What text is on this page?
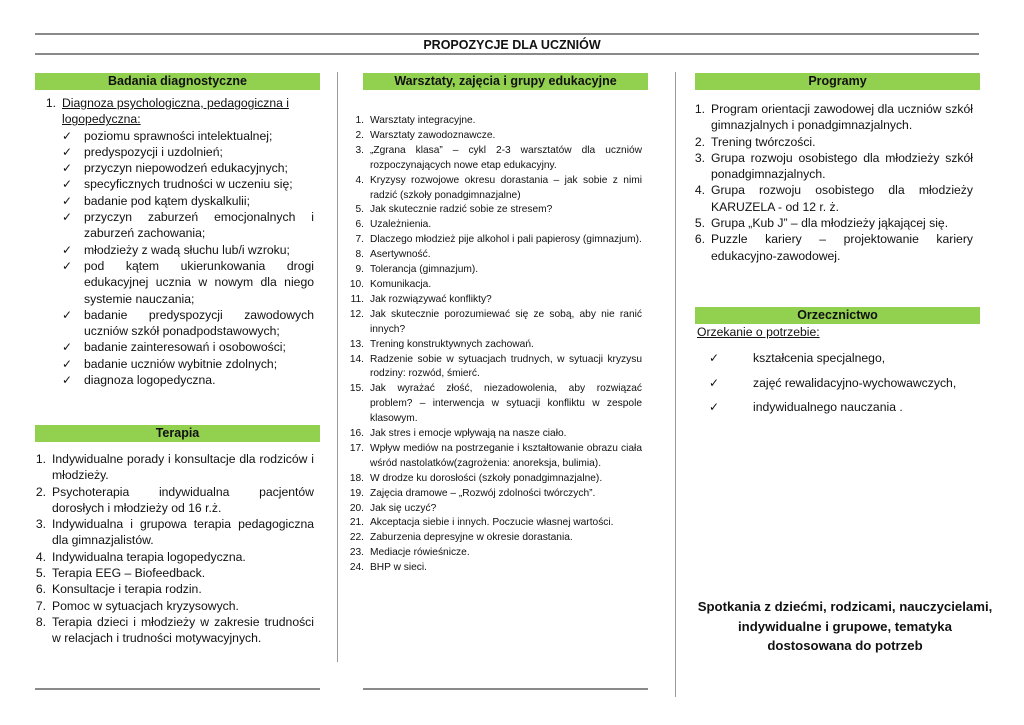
PROPOZYCJE DLA UCZNIÓW
Badania diagnostyczne
1. Diagnoza psychologiczna, pedagogiczna i logopedyczna:
✓ poziomu sprawności intelektualnej;
✓ predyspozycji i uzdolnień;
✓ przyczyn niepowodzeń edukacyjnych;
✓ specyficznych trudności w uczeniu się;
✓ badanie pod kątem dyskalkulii;
✓ przyczyn zaburzeń emocjonalnych i zaburzeń zachowania;
✓ młodzieży z wadą słuchu lub/i wzroku;
✓ pod kątem ukierunkowania drogi edukacyjnej ucznia w nowym dla niego systemie nauczania;
✓ badanie predyspozycji zawodowych uczniów szkół ponadpodstawowych;
✓ badanie zainteresowań i osobowości;
✓ badanie uczniów wybitnie zdolnych;
✓ diagnoza logopedyczna.
Terapia
1. Indywidualne porady i konsultacje dla rodziców i młodzieży.
2. Psychoterapia indywidualna pacjentów dorosłych i młodzieży od 16 r.ż.
3. Indywidualna i grupowa terapia pedagogiczna dla gimnazjalistów.
4. Indywidualna terapia logopedyczna.
5. Terapia EEG – Biofeedback.
6. Konsultacje i terapia rodzin.
7. Pomoc w sytuacjach kryzysowych.
8. Terapia dzieci i młodzieży w zakresie trudności w relacjach i trudności motywacyjnych.
Warsztaty, zajęcia i grupy edukacyjne
1. Warsztaty integracyjne.
2. Warsztaty zawodoznawcze.
3. „Zgrana klasa” – cykl 2-3 warsztatów dla uczniów rozpoczynających nowe etap edukacyjny.
4. Kryzysy rozwojowe okresu dorastania – jak sobie z nimi radzić (szkoły ponadgimnazjalne)
5. Jak skutecznie radzić sobie ze stresem?
6. Uzależnienia.
7. Dlaczego młodzież pije alkohol i pali papierosy (gimnazjum).
8. Asertywność.
9. Tolerancja (gimnazjum).
10. Komunikacja.
11. Jak rozwiązywać konflikty?
12. Jak skutecznie porozumiewać się ze sobą, aby nie ranić innych?
13. Trening konstruktywnych zachowań.
14. Radzenie sobie w sytuacjach trudnych, w sytuacji kryzysu rodziny: rozwód, śmierć.
15. Jak wyrażać złość, niezadowolenia, aby rozwiązać problem? – interwencja w sytuacji konfliktu w zespole klasowym.
16. Jak stres i emocje wpływają na nasze ciało.
17. Wpływ mediów na postrzeganie i kształtowanie obrazu ciała wśród nastolatków(zagrożenia: anoreksja, bulimia).
18. W drodze ku dorosłości (szkoły ponadgimnazjalne).
19. Zajęcia dramowe – „Rozwój zdolności twórczych”.
20. Jak się uczyć?
21. Akceptacja siebie i innych. Poczucie własnej wartości.
22. Zaburzenia depresyjne w okresie dorastania.
23. Mediacje rówieśnicze.
24. BHP w sieci.
Programy
1. Program orientacji zawodowej dla uczniów szkół gimnazjalnych i ponadgimnazjalnych.
2. Trening twórczości.
3. Grupa rozwoju osobistego dla młodzieży szkół ponadgimnazjalnych.
4. Grupa rozwoju osobistego dla młodzieży KARUZELA - od 12 r. ż.
5. Grupa „Kub J” – dla młodzieży jąkającej się.
6. Puzzle kariery – projektowanie kariery edukacyjno-zawodowej.
Orzecznictwo
Orzekanie o potrzebie:
✓	kształcenia specjalnego,
✓	zajęć rewalidacyjno-wychowawczych,
✓	indywidualnego nauczania .
Spotkania z dziećmi, rodzicami, nauczycielami, indywidualne i grupowe, tematyka dostosowana do potrzeb
